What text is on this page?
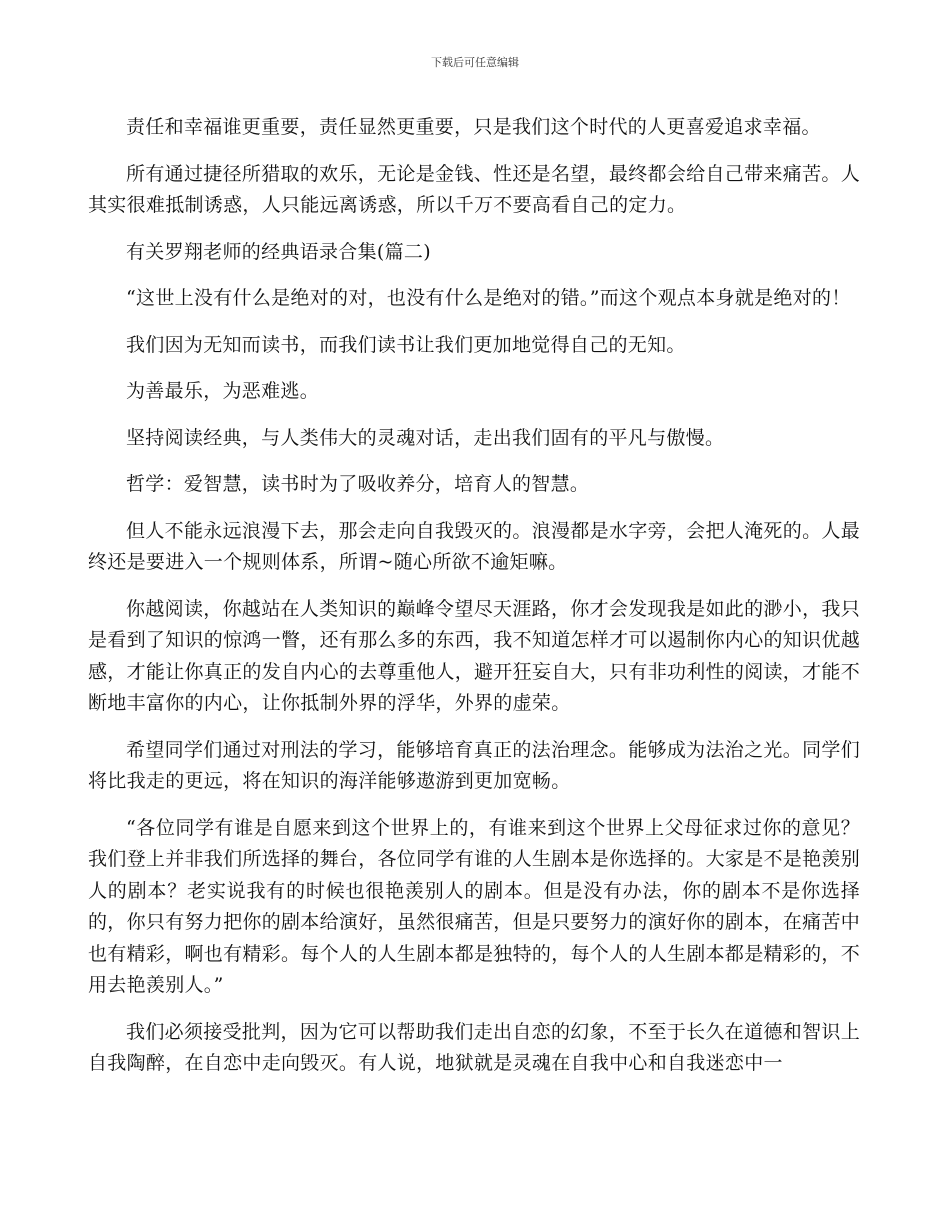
下载后可任意编辑

责任和幸福谁更重要，责任显然更重要，只是我们这个时代的人更喜爱追求幸福。

所有通过捷径所猎取的欢乐，无论是金钱、性还是名望，最终都会给自己带来痛苦。人其实很难抵制诱惑，人只能远离诱惑，所以千万不要高看自己的定力。

有关罗翔老师的经典语录合集(篇二)

“这世上没有什么是绝对的对，也没有什么是绝对的错。”而这个观点本身就是绝对的！

我们因为无知而读书，而我们读书让我们更加地觉得自己的无知。

为善最乐，为恶难逃。

坚持阅读经典，与人类伟大的灵魂对话，走出我们固有的平凡与傲慢。

哲学：爱智慧，读书时为了吸收养分，培育人的智慧。

但人不能永远浪漫下去，那会走向自我毁灭的。浪漫都是水字旁，会把人淹死的。人最终还是要进入一个规则体系，所谓~随心所欲不逾矩嘛。

你越阅读，你越站在人类知识的巅峰令望尽天涯路，你才会发现我是如此的渺小，我只是看到了知识的惊鸿一瞥，还有那么多的东西，我不知道怎样才可以遏制你内心的知识优越感，才能让你真正的发自内心的去尊重他人，避开狂妄自大，只有非功利性的阅读，才能不断地丰富你的内心，让你抵制外界的浮华，外界的虚荣。

希望同学们通过对刑法的学习，能够培育真正的法治理念。能够成为法治之光。同学们将比我走的更远，将在知识的海洋能够遨游到更加宽畅。

“各位同学有谁是自愿来到这个世界上的，有谁来到这个世界上父母征求过你的意见？我们登上并非我们所选择的舞台，各位同学有谁的人生剧本是你选择的。大家是不是艳羡别人的剧本？老实说我有的时候也很艳羡别人的剧本。但是没有办法，你的剧本不是你选择的，你只有努力把你的剧本给演好，虽然很痛苦，但是只要努力的演好你的剧本，在痛苦中也有精彩，啊也有精彩。每个人的人生剧本都是独特的，每个人的人生剧本都是精彩的，不用去艳羡别人。”

我们必须接受批判，因为它可以帮助我们走出自恋的幻象，不至于长久在道德和智识上自我陶醉，在自恋中走向毁灭。有人说，地狱就是灵魂在自我中心和自我迷恋中一
